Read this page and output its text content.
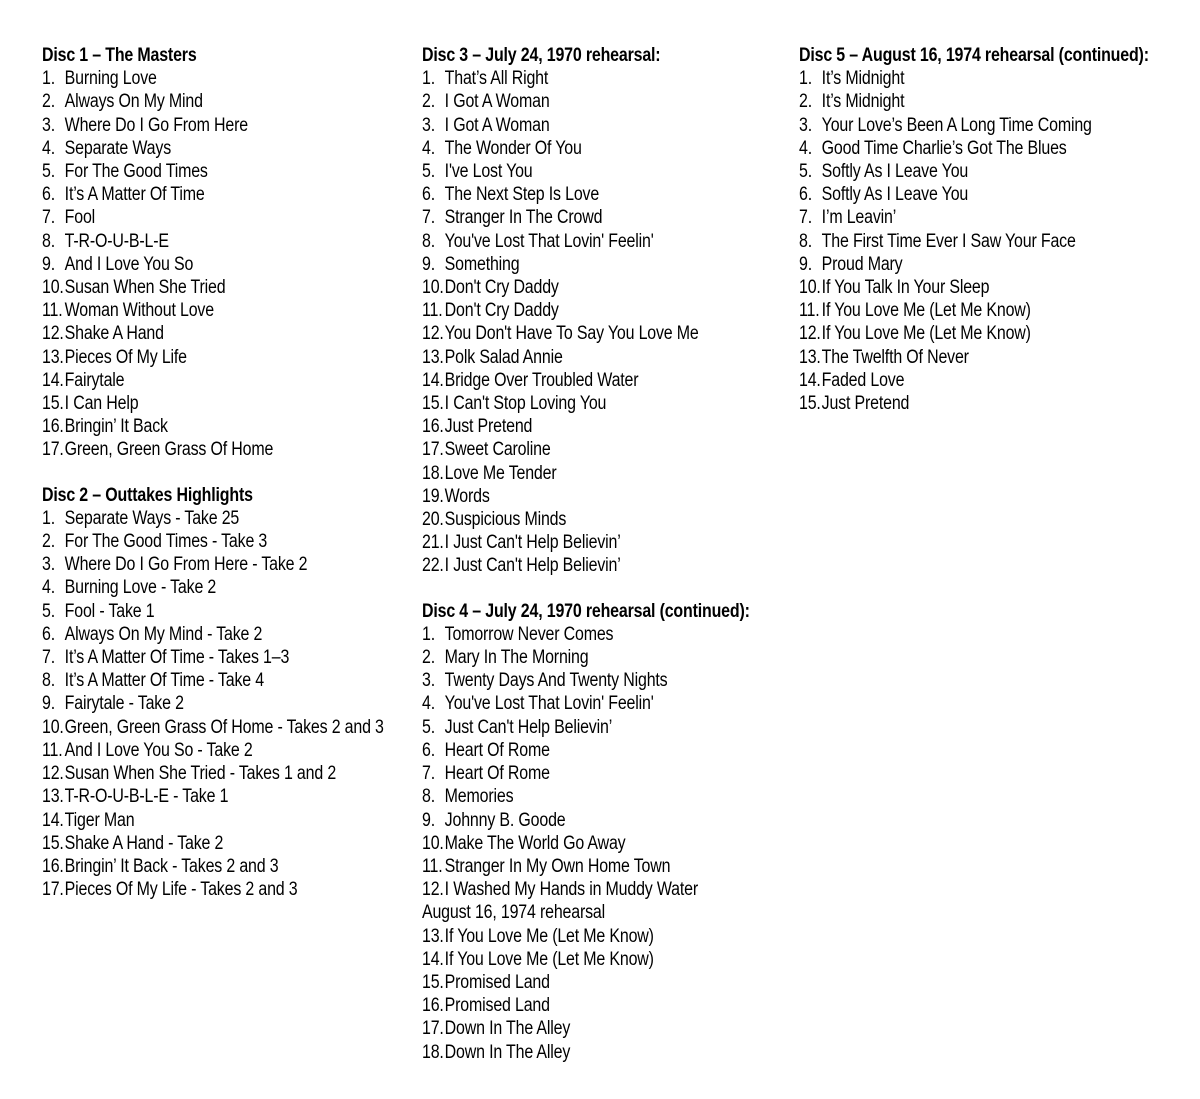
Disc 1 – The Masters
1. Burning Love
2. Always On My Mind
3. Where Do I Go From Here
4. Separate Ways
5. For The Good Times
6. It’s A Matter Of Time
7. Fool
8. T-R-O-U-B-L-E
9. And I Love You So
10. Susan When She Tried
11. Woman Without Love
12. Shake A Hand
13. Pieces Of My Life
14. Fairytale
15. I Can Help
16. Bringin’ It Back
17. Green, Green Grass Of Home
Disc 2 – Outtakes Highlights
1. Separate Ways - Take 25
2. For The Good Times - Take 3
3. Where Do I Go From Here - Take 2
4. Burning Love - Take 2
5. Fool - Take 1
6. Always On My Mind - Take 2
7. It’s A Matter Of Time - Takes 1–3
8. It’s A Matter Of Time - Take 4
9. Fairytale - Take 2
10. Green, Green Grass Of Home - Takes 2 and 3
11. And I Love You So - Take 2
12. Susan When She Tried - Takes 1 and 2
13. T-R-O-U-B-L-E - Take 1
14. Tiger Man
15. Shake A Hand - Take 2
16. Bringin’ It Back - Takes 2 and 3
17. Pieces Of My Life - Takes 2 and 3
Disc 3 – July 24, 1970 rehearsal:
1. That’s All Right
2. I Got A Woman
3. I Got A Woman
4. The Wonder Of You
5. I've Lost You
6. The Next Step Is Love
7. Stranger In The Crowd
8. You've Lost That Lovin' Feelin'
9. Something
10. Don't Cry Daddy
11. Don't Cry Daddy
12. You Don't Have To Say You Love Me
13. Polk Salad Annie
14. Bridge Over Troubled Water
15. I Can't Stop Loving You
16. Just Pretend
17. Sweet Caroline
18. Love Me Tender
19. Words
20. Suspicious Minds
21. I Just Can't Help Believin’
22. I Just Can't Help Believin’
Disc 4 – July 24, 1970 rehearsal (continued):
1. Tomorrow Never Comes
2. Mary In The Morning
3. Twenty Days And Twenty Nights
4. You've Lost That Lovin' Feelin'
5. Just Can't Help Believin’
6. Heart Of Rome
7. Heart Of Rome
8. Memories
9. Johnny B. Goode
10. Make The World Go Away
11. Stranger In My Own Home Town
12. I Washed My Hands in Muddy Water
August 16, 1974 rehearsal
13. If You Love Me (Let Me Know)
14. If You Love Me (Let Me Know)
15. Promised Land
16. Promised Land
17. Down In The Alley
18. Down In The Alley
Disc 5 – August 16, 1974 rehearsal (continued):
1. It’s Midnight
2. It’s Midnight
3. Your Love’s Been A Long Time Coming
4. Good Time Charlie’s Got The Blues
5. Softly As I Leave You
6. Softly As I Leave You
7. I’m Leavin’
8. The First Time Ever I Saw Your Face
9. Proud Mary
10. If You Talk In Your Sleep
11. If You Love Me (Let Me Know)
12. If You Love Me (Let Me Know)
13. The Twelfth Of Never
14. Faded Love
15. Just Pretend
